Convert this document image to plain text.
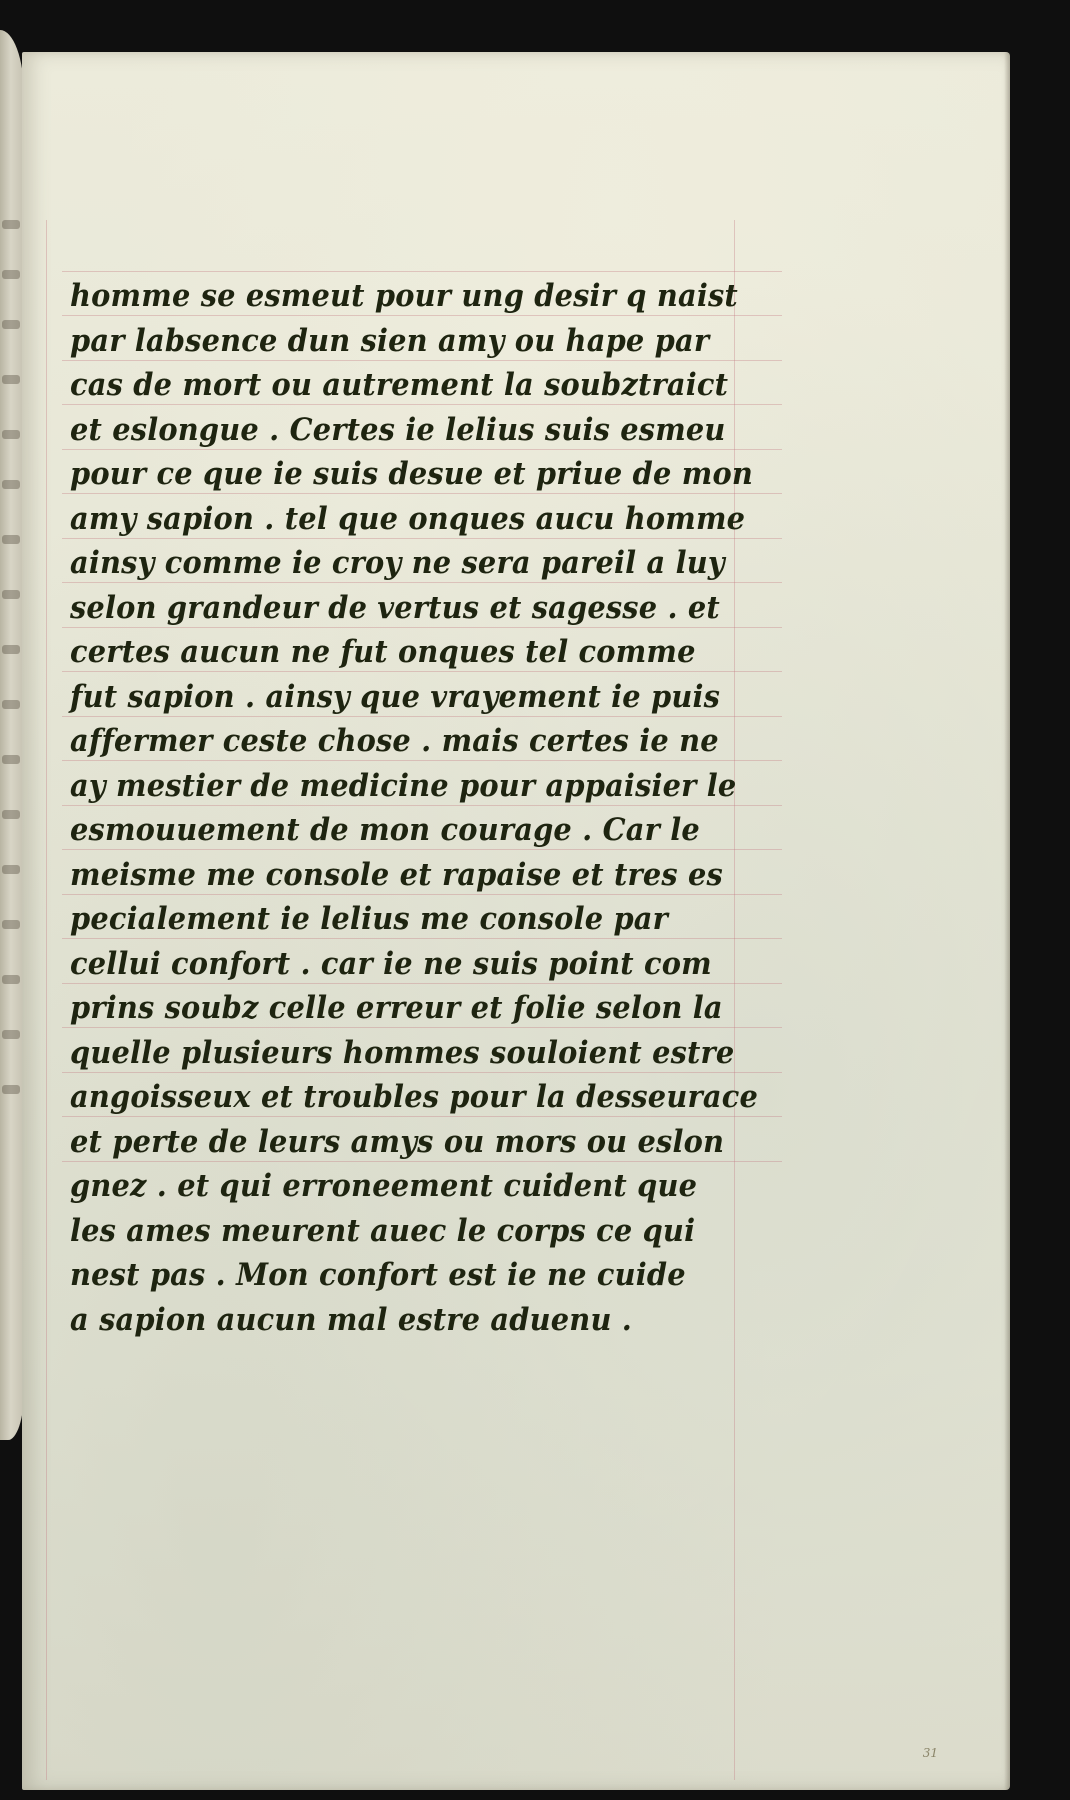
homme se esmeut pour ung desir q naist
par labsence dun sien amy ou hape par
cas de mort ou autrement la soubztraict
et eslongue . Certes ie lelius suis esmeu
pour ce que ie suis desue et priue de mon
amy sapion . tel que onques aucu homme
ainsy comme ie croy ne sera pareil a luy
selon grandeur de vertus et sagesse . et
certes aucun ne fut onques tel comme
fut sapion . ainsy que vrayement ie puis
affermer ceste chose . mais certes ie ne
ay mestier de medicine pour appaisier le
esmouuement de mon courage . Car le
meisme me console et rapaise et tres es
pecialement ie lelius me console par
cellui confort . car ie ne suis point com
prins soubz celle erreur et folie selon la
quelle plusieurs hommes souloient estre
angoisseux et troubles pour la desseurace
et perte de leurs amys ou mors ou eslon
gnez . et qui erroneement cuident que
les ames meurent auec le corps ce qui
nest pas . Mon confort est ie ne cuide
a sapion aucun mal estre aduenu .
31
